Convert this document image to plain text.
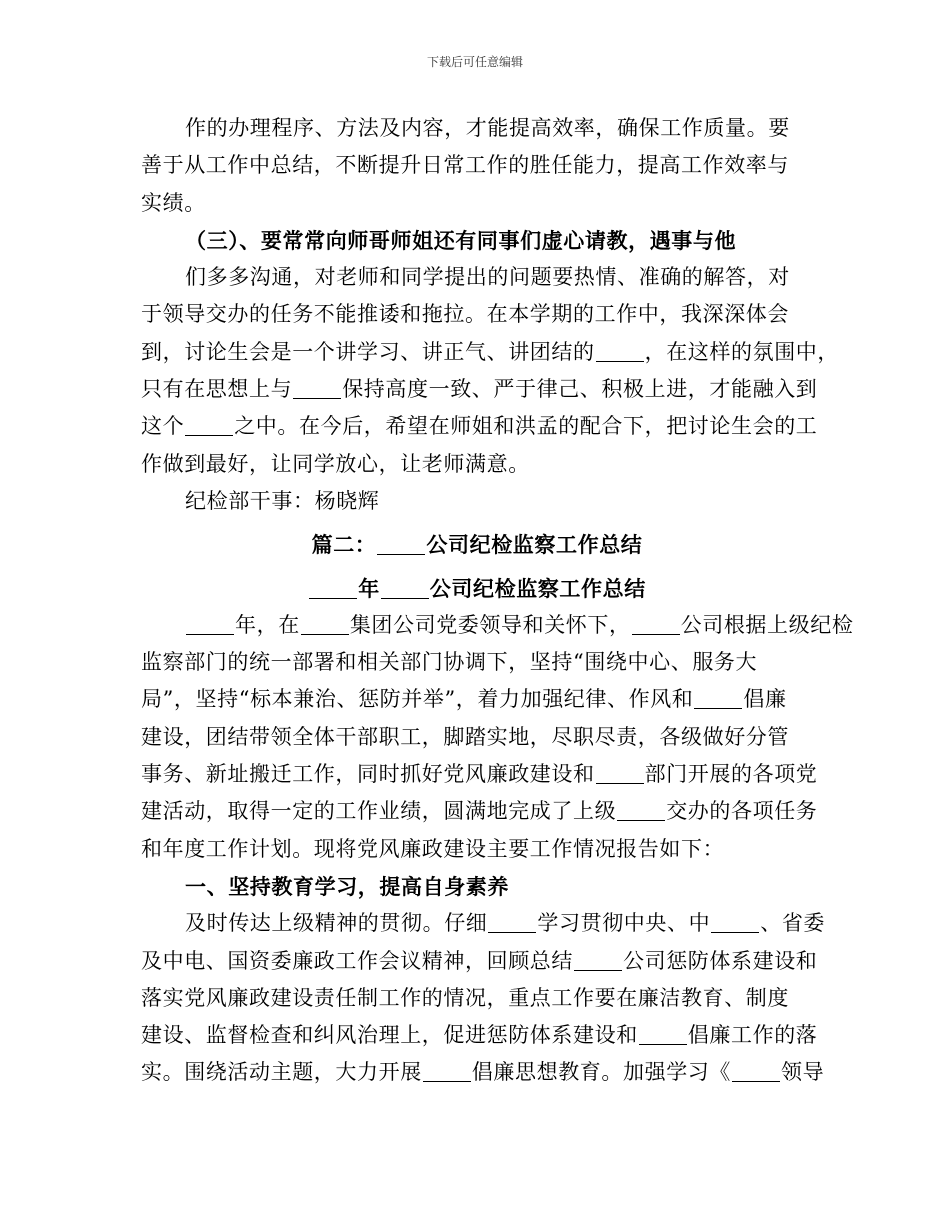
下载后可任意编辑
作的办理程序、方法及内容，才能提高效率，确保工作质量。要
善于从工作中总结，不断提升日常工作的胜任能力，提高工作效率与
实绩。
（三）、要常常向师哥师姐还有同事们虚心请教，遇事与他
们多多沟通，对老师和同学提出的问题要热情、准确的解答，对
于领导交办的任务不能推诿和拖拉。在本学期的工作中，我深深体会
到，讨论生会是一个讲学习、讲正气、讲团结的 ，在这样的氛围中，
只有在思想上与 保持高度一致、严于律己、积极上进，才能融入到
这个 之中。在今后，希望在师姐和洪孟的配合下，把讨论生会的工
作做到最好，让同学放心，让老师满意。
纪检部干事：杨晓辉
篇二： 公司纪检监察工作总结
年 公司纪检监察工作总结
年，在 集团公司党委领导和关怀下， 公司根据上级纪检
监察部门的统一部署和相关部门协调下，坚持“围绕中心、服务大
局”，坚持“标本兼治、惩防并举”，着力加强纪律、作风和 倡廉
建设，团结带领全体干部职工，脚踏实地，尽职尽责，各级做好分管
事务、新址搬迁工作，同时抓好党风廉政建设和 部门开展的各项党
建活动，取得一定的工作业绩，圆满地完成了上级 交办的各项任务
和年度工作计划。现将党风廉政建设主要工作情况报告如下：
一、坚持教育学习，提高自身素养
及时传达上级精神的贯彻。仔细 学习贯彻中央、中 、省委
及中电、国资委廉政工作会议精神，回顾总结 公司惩防体系建设和
落实党风廉政建设责任制工作的情况，重点工作要在廉洁教育、制度
建设、监督检查和纠风治理上，促进惩防体系建设和 倡廉工作的落
实。围绕活动主题，大力开展 倡廉思想教育。加强学习《 领导
